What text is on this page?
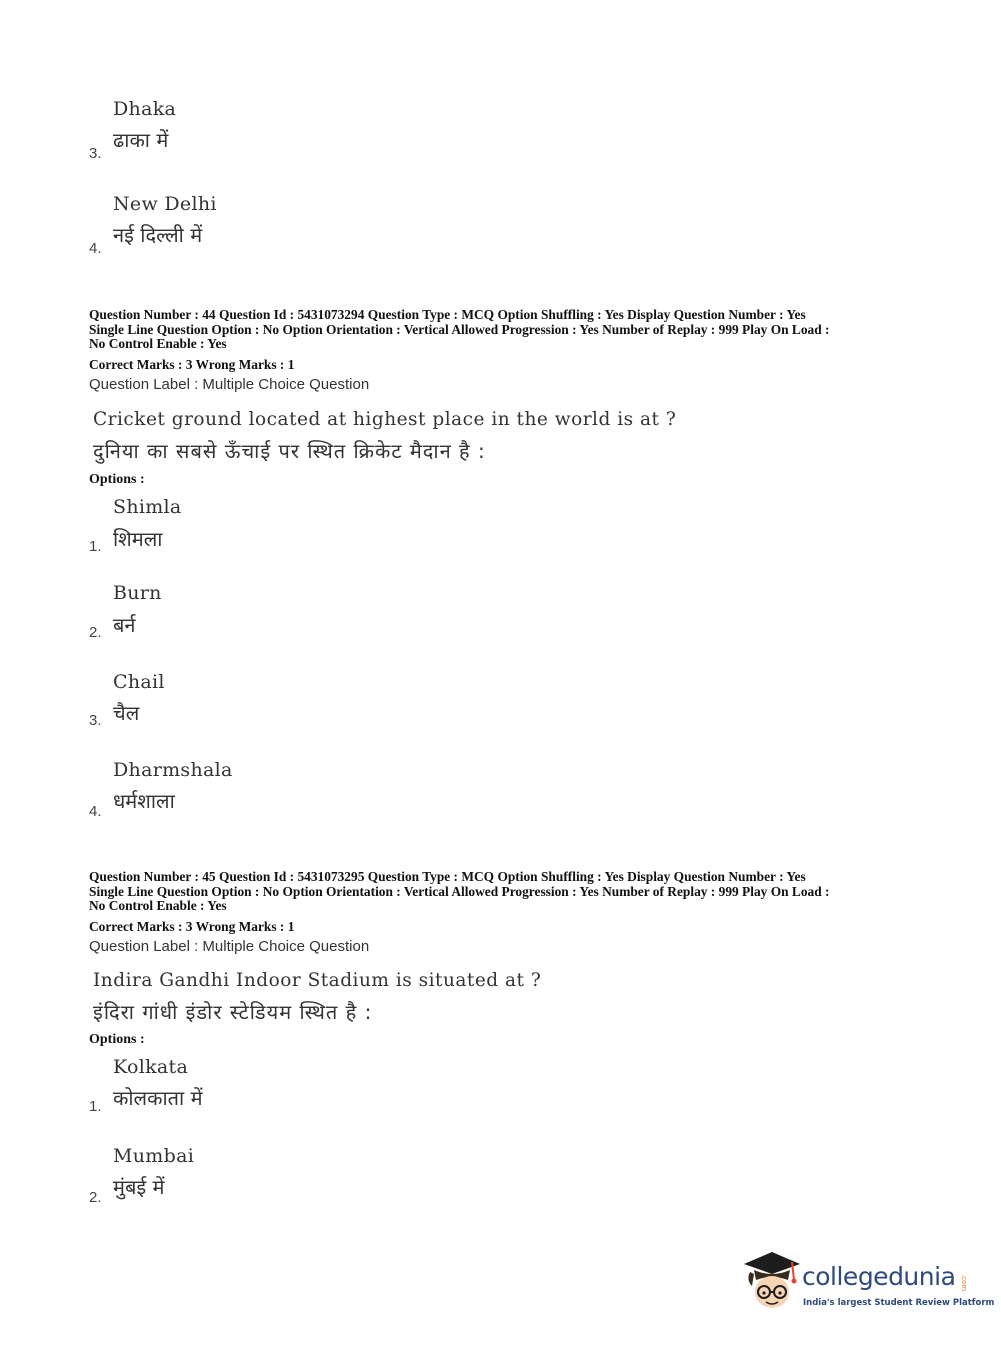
Dhaka
ढाका में
3.
New Delhi
नई दिल्ली में
4.
Question Number : 44 Question Id : 5431073294 Question Type : MCQ Option Shuffling : Yes Display Question Number : Yes
Single Line Question Option : No Option Orientation : Vertical Allowed Progression : Yes Number of Replay : 999 Play On Load :
No Control Enable : Yes
Correct Marks : 3 Wrong Marks : 1
Question Label : Multiple Choice Question
Cricket ground located at highest place in the world is at ?
दुनिया का सबसे ऊँचाई पर स्थित क्रिकेट मैदान है :
Options :
Shimla
शिमला
1.
Burn
बर्न
2.
Chail
चैल
3.
Dharmshala
धर्मशाला
4.
Question Number : 45 Question Id : 5431073295 Question Type : MCQ Option Shuffling : Yes Display Question Number : Yes
Single Line Question Option : No Option Orientation : Vertical Allowed Progression : Yes Number of Replay : 999 Play On Load :
No Control Enable : Yes
Correct Marks : 3 Wrong Marks : 1
Question Label : Multiple Choice Question
Indira Gandhi Indoor Stadium is situated at ?
इंदिरा गांधी इंडोर स्टेडियम स्थित है :
Options :
Kolkata
कोलकाता में
1.
Mumbai
मुंबई में
2.
collegedunia .com
India's largest Student Review Platform
